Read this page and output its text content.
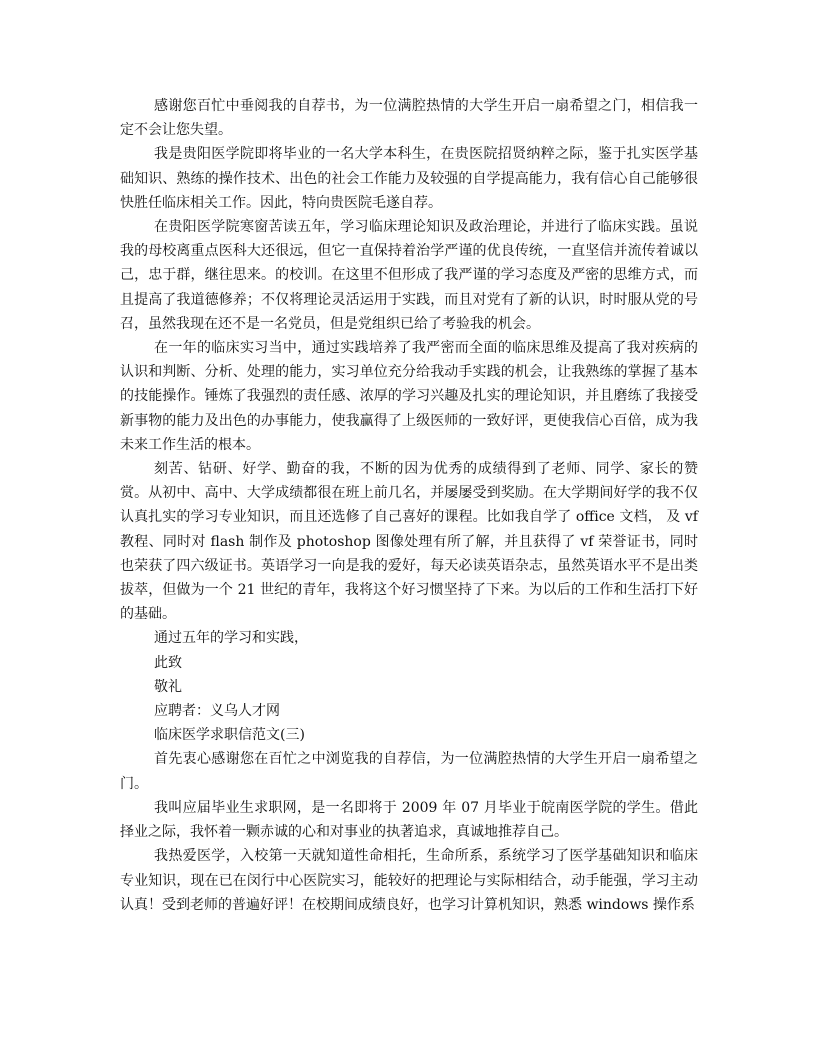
感谢您百忙中垂阅我的自荐书，为一位满腔热情的大学生开启一扇希望之门，相信我一定不会让您失望。

我是贵阳医学院即将毕业的一名大学本科生，在贵医院招贤纳粹之际，鉴于扎实医学基础知识、熟练的操作技术、出色的社会工作能力及较强的自学提高能力，我有信心自己能够很快胜任临床相关工作。因此，特向贵医院毛遂自荐。

在贵阳医学院寒窗苦读五年，学习临床理论知识及政治理论，并进行了临床实践。虽说我的母校离重点医科大还很远，但它一直保持着治学严谨的优良传统，一直坚信并流传着诚以己，忠于群，继往思来。的校训。在这里不但形成了我严谨的学习态度及严密的思维方式，而且提高了我道德修养；不仅将理论灵活运用于实践，而且对党有了新的认识，时时服从党的号召，虽然我现在还不是一名党员，但是党组织已给了考验我的机会。

在一年的临床实习当中，通过实践培养了我严密而全面的临床思维及提高了我对疾病的认识和判断、分析、处理的能力，实习单位充分给我动手实践的机会，让我熟练的掌握了基本的技能操作。锤炼了我强烈的责任感、浓厚的学习兴趣及扎实的理论知识，并且磨练了我接受新事物的能力及出色的办事能力，使我赢得了上级医师的一致好评，更使我信心百倍，成为我未来工作生活的根本。

刻苦、钻研、好学、勤奋的我，不断的因为优秀的成绩得到了老师、同学、家长的赞赏。从初中、高中、大学成绩都很在班上前几名，并屡屡受到奖励。在大学期间好学的我不仅认真扎实的学习专业知识，而且还选修了自己喜好的课程。比如我自学了 office 文档， 及 vf 教程、同时对 flash 制作及 photoshop 图像处理有所了解，并且获得了 vf 荣誉证书，同时也荣获了四六级证书。英语学习一向是我的爱好，每天必读英语杂志，虽然英语水平不是出类拔萃，但做为一个 21 世纪的青年，我将这个好习惯坚持了下来。为以后的工作和生活打下好的基础。

通过五年的学习和实践，

此致

敬礼

应聘者：义乌人才网

临床医学求职信范文(三)

首先衷心感谢您在百忙之中浏览我的自荐信，为一位满腔热情的大学生开启一扇希望之门。

我叫应届毕业生求职网，是一名即将于 2009 年 07 月毕业于皖南医学院的学生。借此择业之际，我怀着一颗赤诚的心和对事业的执著追求，真诚地推荐自己。

我热爱医学，入校第一天就知道性命相托，生命所系，系统学习了医学基础知识和临床专业知识，现在已在闵行中心医院实习，能较好的把理论与实际相结合，动手能强，学习主动认真！受到老师的普遍好评！在校期间成绩良好，也学习计算机知识，熟悉 windows 操作系
